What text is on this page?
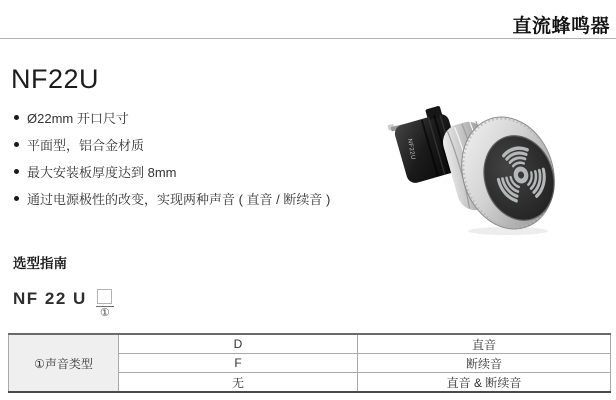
直流蜂鸣器
NF22U
Ø22mm 开口尺寸
平面型，铝合金材质
最大安装板厚度达到 8mm
通过电源极性的改变，实现两种声音 ( 直音 / 断续音 )
NF22U
选型指南
NF 22 U
①
①声音类型	D	直音
	F	断续音
	无	直音 & 断续音
